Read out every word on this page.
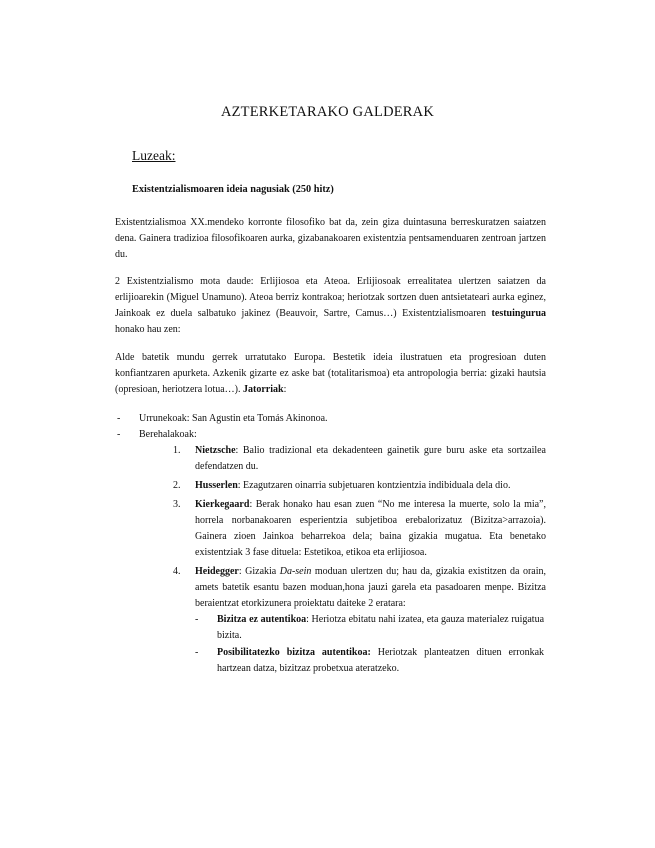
AZTERKETARAKO GALDERAK
Luzeak:

Existentzialismoaren ideia nagusiak (250 hitz)

Existentzialismoa XX.mendeko korronte filosofiko bat da, zein giza duintasuna berreskuratzen saiatzen dena. Gainera tradizioa filosofikoaren aurka, gizabanakoaren existentzia pentsamenduaren zentroan jartzen du.

2 Existentzialismo mota daude: Erlijiosoa eta Ateoa. Erlijiosoak errealitatea ulertzen saiatzen da erlijioarekin (Miguel Unamuno). Ateoa berriz kontrakoa; heriotzak sortzen duen antsietateari aurka eginez, Jainkoak ez duela salbatuko jakinez (Beauvoir, Sartre, Camus…) Existentzialismoaren testuingurua honako hau zen:

Alde batetik mundu gerrek urratutako Europa. Bestetik ideia ilustratuen eta progresioan duten konfiantzaren apurketa. Azkenik gizarte ez aske bat (totalitarismoa) eta antropologia berria: gizaki hautsia (opresioan, heriotzera lotua…). Jatorriak:

- Urrunekoak: San Agustin eta Tomás Akinonoa.
- Berehalakoak:
1. Nietzsche: Balio tradizional eta dekadenteen gainetik gure buru aske eta sortzailea defendatzen du.
2. Husserlen: Ezagutzaren oinarria subjetuaren kontzientzia indibiduala dela dio.
3. Kierkegaard: Berak honako hau esan zuen “No me interesa la muerte, solo la mia”, horrela norbanakoaren esperientzia subjetiboa erebalorizatuz (Bizitza>arrazoia). Gainera zioen Jainkoa beharrekoa dela; baina gizakia mugatua. Eta benetako existentziak 3 fase dituela: Estetikoa, etikoa eta erlijiosoa.
4. Heidegger: Gizakia Da-sein moduan ulertzen du; hau da, gizakia existitzen da orain, amets batetik esantu bazen moduan,hona jauzi garela eta pasadoaren menpe. Bizitza beraientzat etorkizunera proiektatu daiteke 2 eratara:
- Bizitza ez autentikoa: Heriotza ebitatu nahi izatea, eta gauza materialez ruigatua bizita.
- Posibilitatezko bizitza autentikoa: Heriotzak planteatzen dituen erronkak hartzean datza, bizitzaz probetxua ateratzeko.
